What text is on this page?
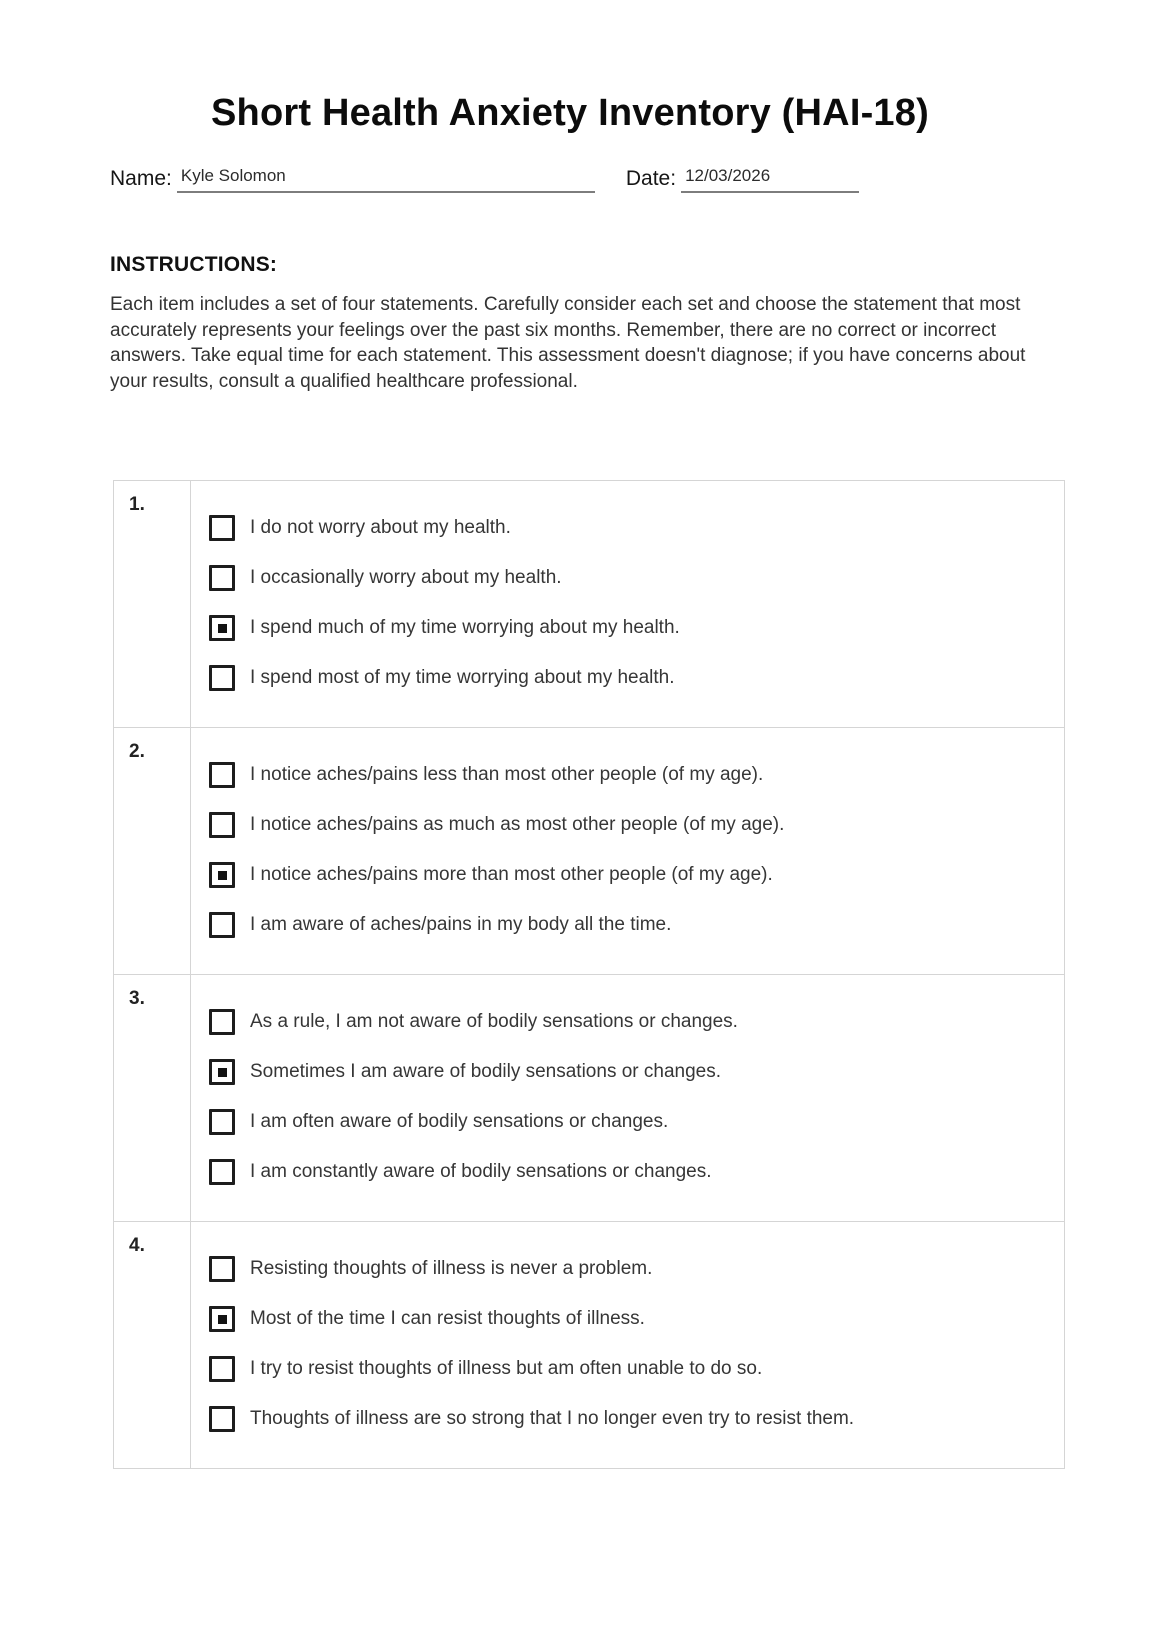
Short Health Anxiety Inventory (HAI-18)
Name: Kyle Solomon	Date: 12/03/2026
INSTRUCTIONS:
Each item includes a set of four statements. Carefully consider each set and choose the statement that most accurately represents your feelings over the past six months. Remember, there are no correct or incorrect answers. Take equal time for each statement. This assessment doesn't diagnose; if you have concerns about your results, consult a qualified healthcare professional.
1.
I do not worry about my health.
I occasionally worry about my health.
I spend much of my time worrying about my health.
I spend most of my time worrying about my health.
2.
I notice aches/pains less than most other people (of my age).
I notice aches/pains as much as most other people (of my age).
I notice aches/pains more than most other people (of my age).
I am aware of aches/pains in my body all the time.
3.
As a rule, I am not aware of bodily sensations or changes.
Sometimes I am aware of bodily sensations or changes.
I am often aware of bodily sensations or changes.
I am constantly aware of bodily sensations or changes.
4.
Resisting thoughts of illness is never a problem.
Most of the time I can resist thoughts of illness.
I try to resist thoughts of illness but am often unable to do so.
Thoughts of illness are so strong that I no longer even try to resist them.
